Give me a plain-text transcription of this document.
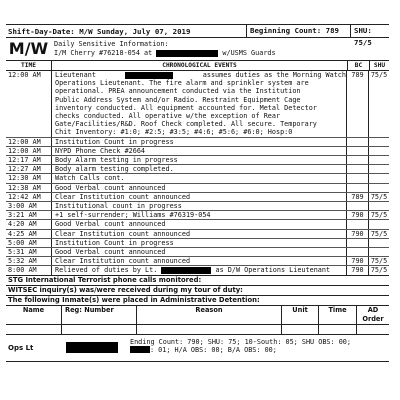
Shift-Day-Date: M/W Sunday, July 07, 2019	Beginning Count: 789	SHU: 75/5
M/W Daily Sensitive Information:
I/M Cherry #76218-054 at	w/USMS Guards
TIME	CHRONOLOGICAL EVENTS	BC	SHU
12:00 AM	Lieutenant	assumes duties as the Morning Watch
Operations Lieutenant. The fire alarm and sprinkler system are
operational. PREA announcement conducted via the Institution
Public Address System and/or Radio. Restraint Equipment Cage
inventory conducted. All equipment accounted for. Metal Detector
checks conducted. All operative w/the exception of Rear
Gate/Facilities/R&D. Roof Check completed. All secure. Temporary
Chit Inventory: #1:0; #2:5; #3:5; #4:6; #5:6; #6:0; Hosp:0
789	75/5
12:00 AM	Institution Count in progress
12:00 AM	NYPD Phone Check #2664
12:17 AM	Body Alarm testing in progress
12:27 AM	Body alarm testing completed.
12:30 AM	Watch Calls cont.
12:38 AM	Good Verbal count announced
12:42 AM	Clear Institution count announced	789	75/5
3:00 AM	Institutional count in progress
3:21 AM	+1 self-surrender; Williams #76319-054	790	75/5
4:20 AM	Good Verbal count announced
4:25 AM	Clear Institution count announced	790	75/5
5:00 AM	Institution Count in progress
5:31 AM	Good Verbal count announced
5:32 AM	Clear Institution count announced	790	75/5
8:00 AM	Relieved of duties by Lt.	as D/W Operations Lieutenant	790	75/5
STG International Terrorist phone calls monitored:
WITSEC inquiry(s) was/were received during my tour of duty:
The following Inmate(s) were placed in Administrative Detention:
Name	Reg: Number	Reason	Unit	Time	AD Order
Ops Lt
Ending Count: 790; SHU: 75; 10-South: 05; SHU OBS: 00;
: 01; H/A OBS: 00; B/A OBS: 00;
